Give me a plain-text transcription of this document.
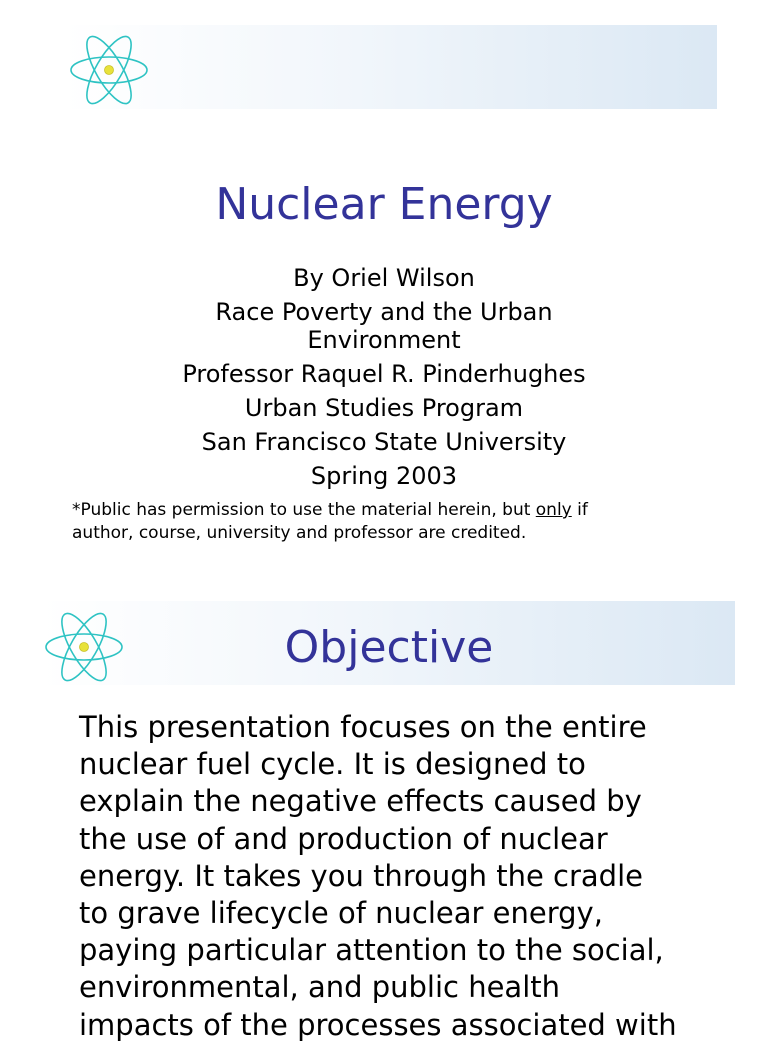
Nuclear Energy
By Oriel Wilson
Race Poverty and the Urban
Environment
Professor Raquel R. Pinderhughes
Urban Studies Program
San Francisco State University
Spring 2003
*Public has permission to use the material herein, but only if
author, course, university and professor are credited.
Objective
This presentation focuses on the entire
nuclear fuel cycle. It is designed to
explain the negative effects caused by
the use of and production of nuclear
energy. It takes you through the cradle
to grave lifecycle of nuclear energy,
paying particular attention to the social,
environmental, and public health
impacts of the processes associated with
